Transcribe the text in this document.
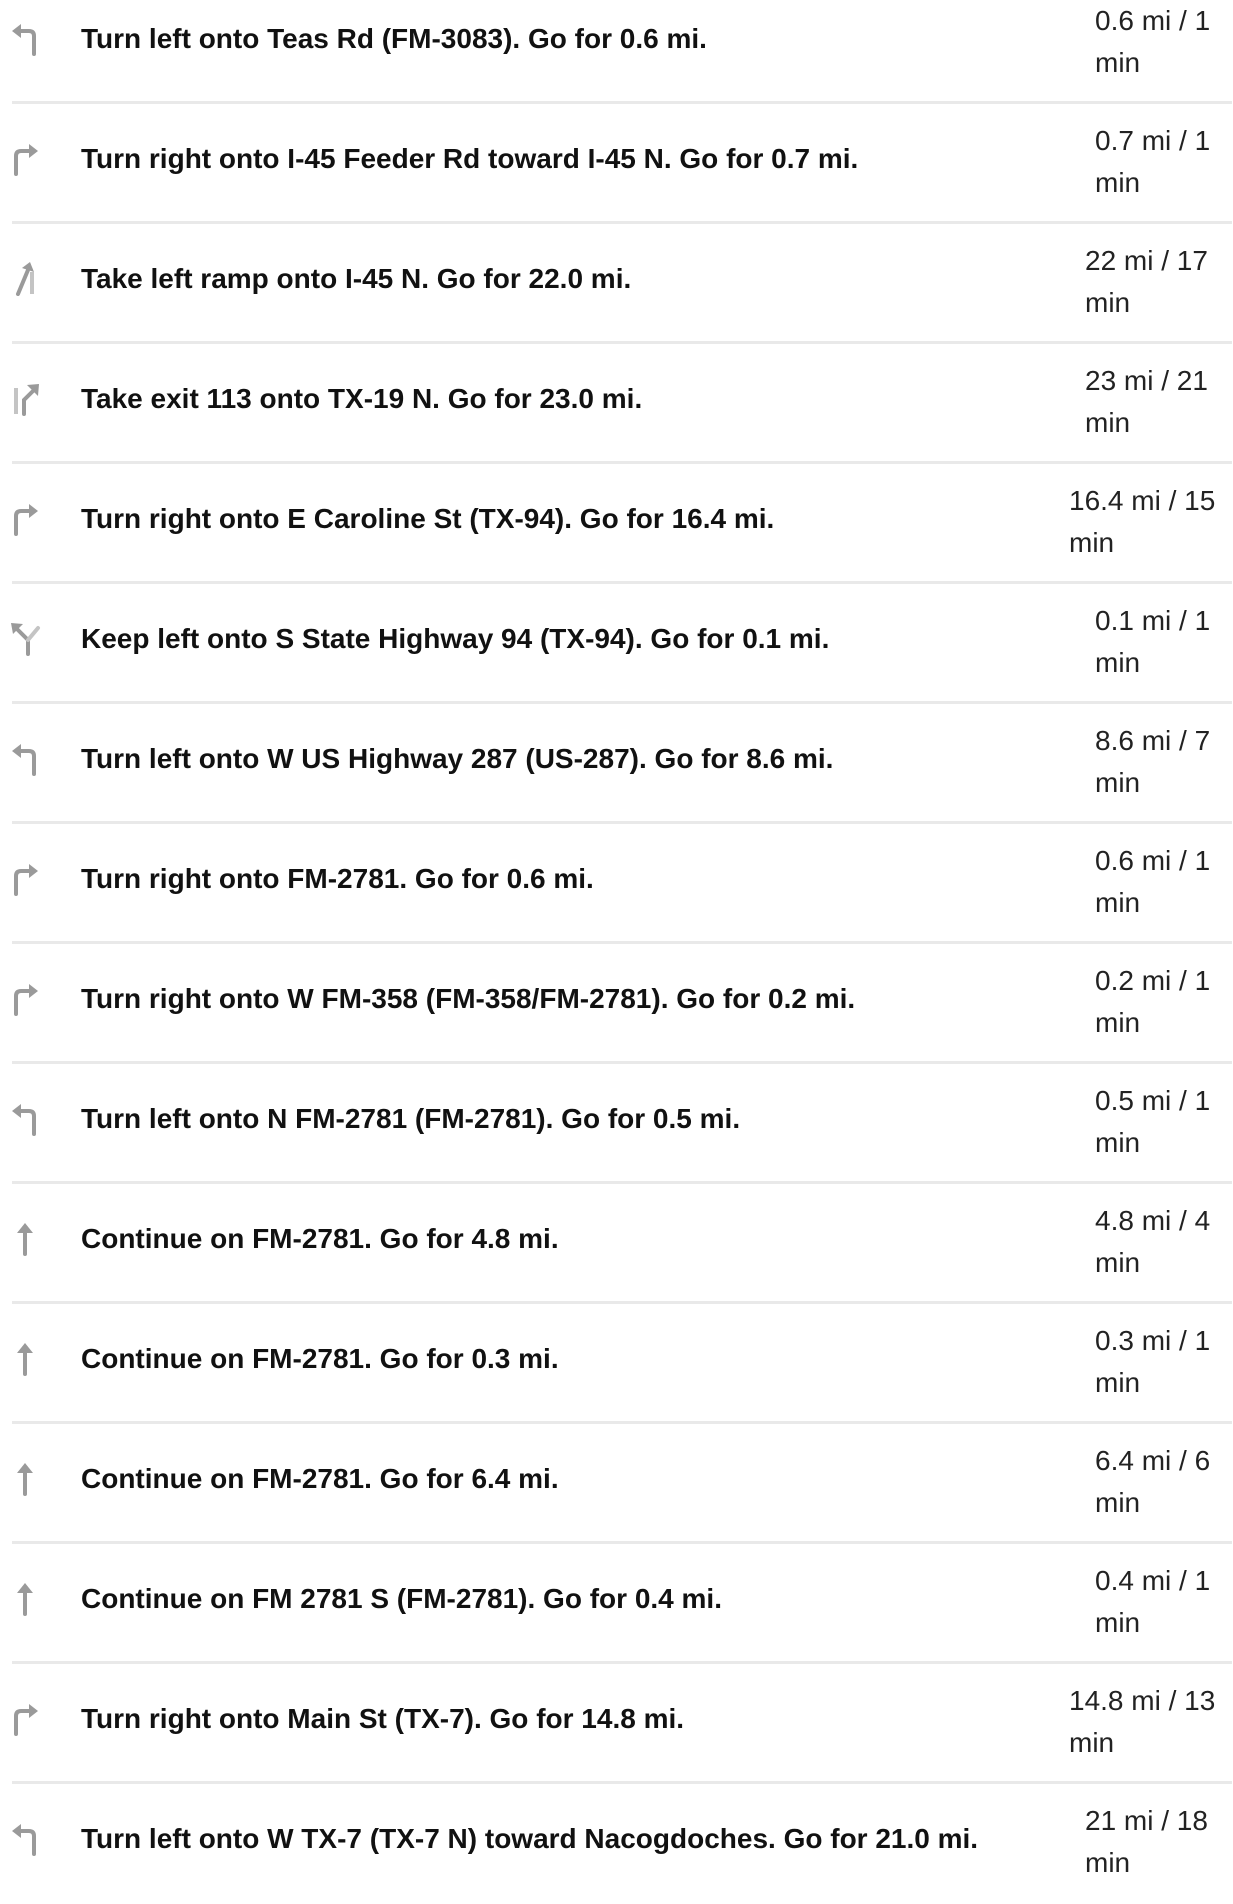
Turn left onto Teas Rd (FM-3083). Go for 0.6 mi.
0.6 mi / 1
min
Turn right onto I-45 Feeder Rd toward I-45 N. Go for 0.7 mi.
0.7 mi / 1
min
Take left ramp onto I-45 N. Go for 22.0 mi.
22 mi / 17
min
Take exit 113 onto TX-19 N. Go for 23.0 mi.
23 mi / 21
min
Turn right onto E Caroline St (TX-94). Go for 16.4 mi.
16.4 mi / 15
min
Keep left onto S State Highway 94 (TX-94). Go for 0.1 mi.
0.1 mi / 1
min
Turn left onto W US Highway 287 (US-287). Go for 8.6 mi.
8.6 mi / 7
min
Turn right onto FM-2781. Go for 0.6 mi.
0.6 mi / 1
min
Turn right onto W FM-358 (FM-358/FM-2781). Go for 0.2 mi.
0.2 mi / 1
min
Turn left onto N FM-2781 (FM-2781). Go for 0.5 mi.
0.5 mi / 1
min
Continue on FM-2781. Go for 4.8 mi.
4.8 mi / 4
min
Continue on FM-2781. Go for 0.3 mi.
0.3 mi / 1
min
Continue on FM-2781. Go for 6.4 mi.
6.4 mi / 6
min
Continue on FM 2781 S (FM-2781). Go for 0.4 mi.
0.4 mi / 1
min
Turn right onto Main St (TX-7). Go for 14.8 mi.
14.8 mi / 13
min
Turn left onto W TX-7 (TX-7 N) toward Nacogdoches. Go for 21.0 mi.
21 mi / 18
min
